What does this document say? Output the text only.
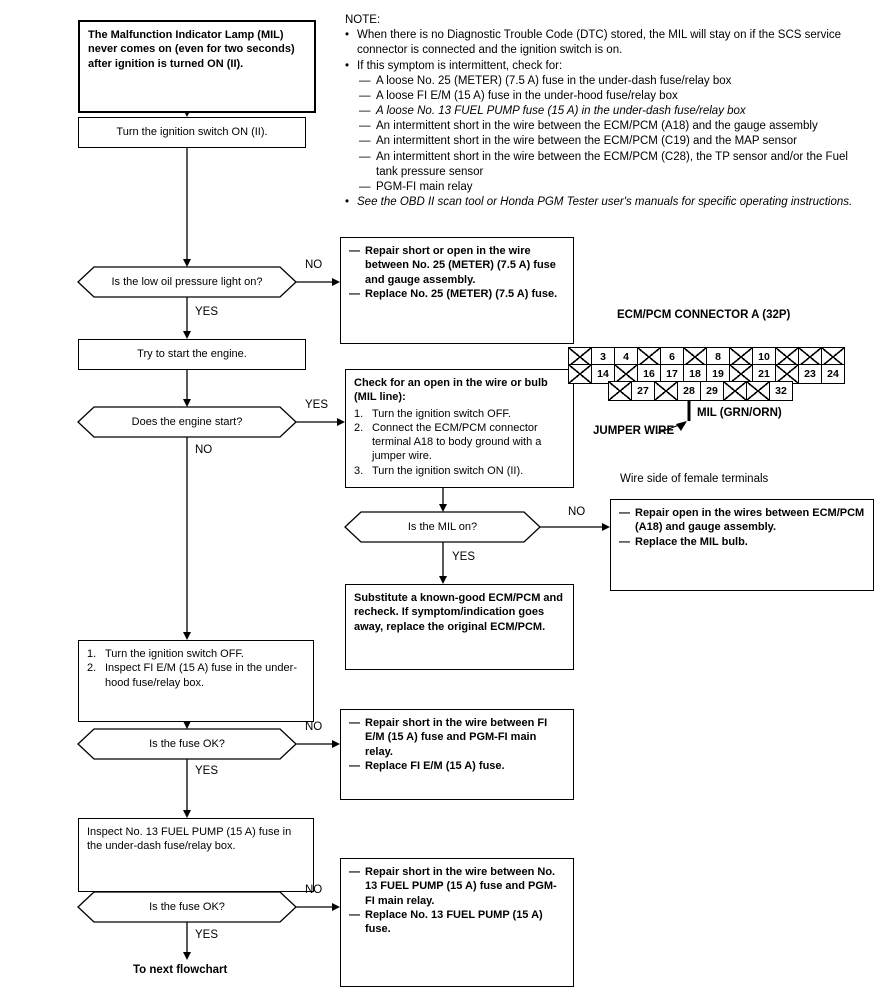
NOTE:
• When there is no Diagnostic Trouble Code (DTC) stored, the MIL will stay on if the SCS service connector is connected and the ignition switch is on.
• If this symptom is intermittent, check for:
— A loose No. 25 (METER) (7.5 A) fuse in the under-dash fuse/relay box
— A loose FI E/M (15 A) fuse in the under-hood fuse/relay box
— A loose No. 13 FUEL PUMP fuse (15 A) in the under-dash fuse/relay box
— An intermittent short in the wire between the ECM/PCM (A18) and the gauge assembly
— An intermittent short in the wire between the ECM/PCM (C19) and the MAP sensor
— An intermittent short in the wire between the ECM/PCM (C28), the TP sensor and/or the Fuel tank pressure sensor
— PGM-FI main relay
• See the OBD II scan tool or Honda PGM Tester user's manuals for specific operating instructions.
The Malfunction Indicator Lamp (MIL) never comes on (even for two seconds) after ignition is turned ON (II).
Turn the ignition switch ON (II).
Is the low oil pressure light on?
Try to start the engine.
Does the engine start?
1. Turn the ignition switch OFF.
2. Inspect FI E/M (15 A) fuse in the under-hood fuse/relay box.
Is the fuse OK?
Inspect No. 13 FUEL PUMP (15 A) fuse in the under-dash fuse/relay box.
Is the fuse OK?
To next flowchart
— Repair short or open in the wire between No. 25 (METER) (7.5 A) fuse and gauge assembly.
— Replace No. 25 (METER) (7.5 A) fuse.
Check for an open in the wire or bulb (MIL line):
1. Turn the ignition switch OFF.
2. Connect the ECM/PCM connector terminal A18 to body ground with a jumper wire.
3. Turn the ignition switch ON (II).
Is the MIL on?
— Repair open in the wires between ECM/PCM (A18) and gauge assembly.
— Replace the MIL bulb.
Substitute a known-good ECM/PCM and recheck. If symptom/indication goes away, replace the original ECM/PCM.
— Repair short in the wire between FI E/M (15 A) fuse and PGM-FI main relay.
— Replace FI E/M (15 A) fuse.
— Repair short in the wire between No. 13 FUEL PUMP (15 A) fuse and PGM-FI main relay.
— Replace No. 13 FUEL PUMP (15 A) fuse.
NO
YES
YES
NO
NO
YES
NO
YES
NO
YES
ECM/PCM CONNECTOR A (32P)
3	4	6	8	10
14	16	17	18	19	21	23	24
27	28	29	32
JUMPER WIRE
MIL (GRN/ORN)
Wire side of female terminals
